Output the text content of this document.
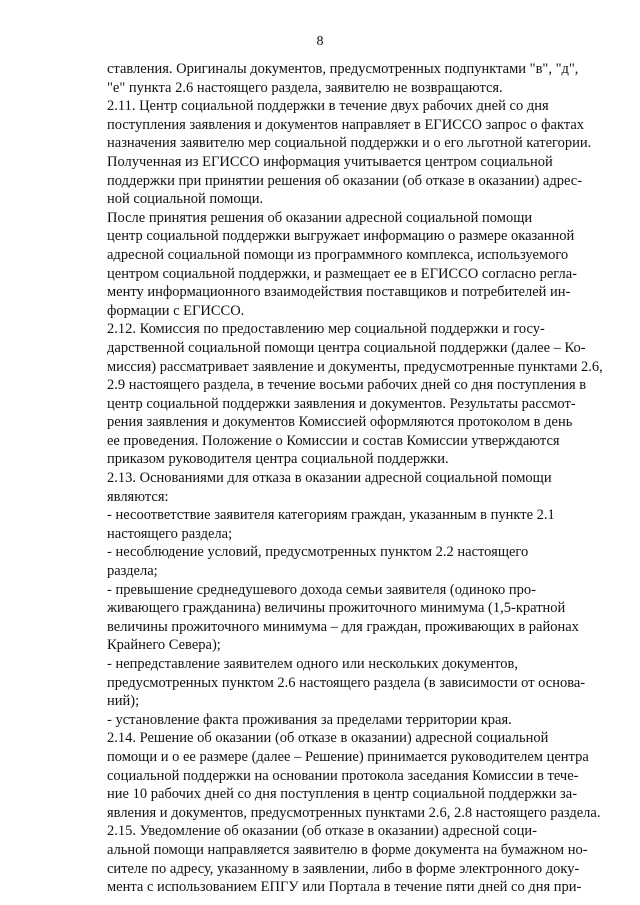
8

ставления. Оригиналы документов, предусмотренных подпунктами "в", "д",
"е" пункта 2.6 настоящего раздела, заявителю не возвращаются.

2.11. Центр социальной поддержки в течение двух рабочих дней со дня
поступления заявления и документов направляет в ЕГИССО запрос о фактах
назначения заявителю мер социальной поддержки и о его льготной категории.

Полученная из ЕГИССО информация учитывается центром социальной
поддержки при принятии решения об оказании (об отказе в оказании) адрес-
ной социальной помощи.

После принятия решения об оказании адресной социальной помощи
центр социальной поддержки выгружает информацию о размере оказанной
адресной социальной помощи из программного комплекса, используемого
центром социальной поддержки, и размещает ее в ЕГИССО согласно регла-
менту информационного взаимодействия поставщиков и потребителей ин-
формации с ЕГИССО.

2.12. Комиссия по предоставлению мер социальной поддержки и госу-
дарственной социальной помощи центра социальной поддержки (далее – Ко-
миссия) рассматривает заявление и документы, предусмотренные пунктами 2.6,
2.9 настоящего раздела, в течение восьми рабочих дней со дня поступления в
центр социальной поддержки заявления и документов. Результаты рассмот-
рения заявления и документов Комиссией оформляются протоколом в день
ее проведения. Положение о Комиссии и состав Комиссии утверждаются
приказом руководителя центра социальной поддержки.

2.13. Основаниями для отказа в оказании адресной социальной помощи
являются:

- несоответствие заявителя категориям граждан, указанным в пункте 2.1
настоящего раздела;

- несоблюдение условий, предусмотренных пунктом 2.2 настоящего
раздела;

- превышение среднедушевого дохода семьи заявителя (одиноко про-
живающего гражданина) величины прожиточного минимума (1,5-кратной
величины прожиточного минимума – для граждан, проживающих в районах
Крайнего Севера);

- непредставление заявителем одного или нескольких документов,
предусмотренных пунктом 2.6 настоящего раздела (в зависимости от основа-
ний);

- установление факта проживания за пределами территории края.

2.14. Решение об оказании (об отказе в оказании) адресной социальной
помощи и о ее размере (далее – Решение) принимается руководителем центра
социальной поддержки на основании протокола заседания Комиссии в тече-
ние 10 рабочих дней со дня поступления в центр социальной поддержки за-
явления и документов, предусмотренных пунктами 2.6, 2.8 настоящего раздела.

2.15. Уведомление об оказании (об отказе в оказании) адресной соци-
альной помощи направляется заявителю в форме документа на бумажном но-
сителе по адресу, указанному в заявлении, либо в форме электронного доку-
мента с использованием ЕПГУ или Портала в течение пяти дней со дня при-
